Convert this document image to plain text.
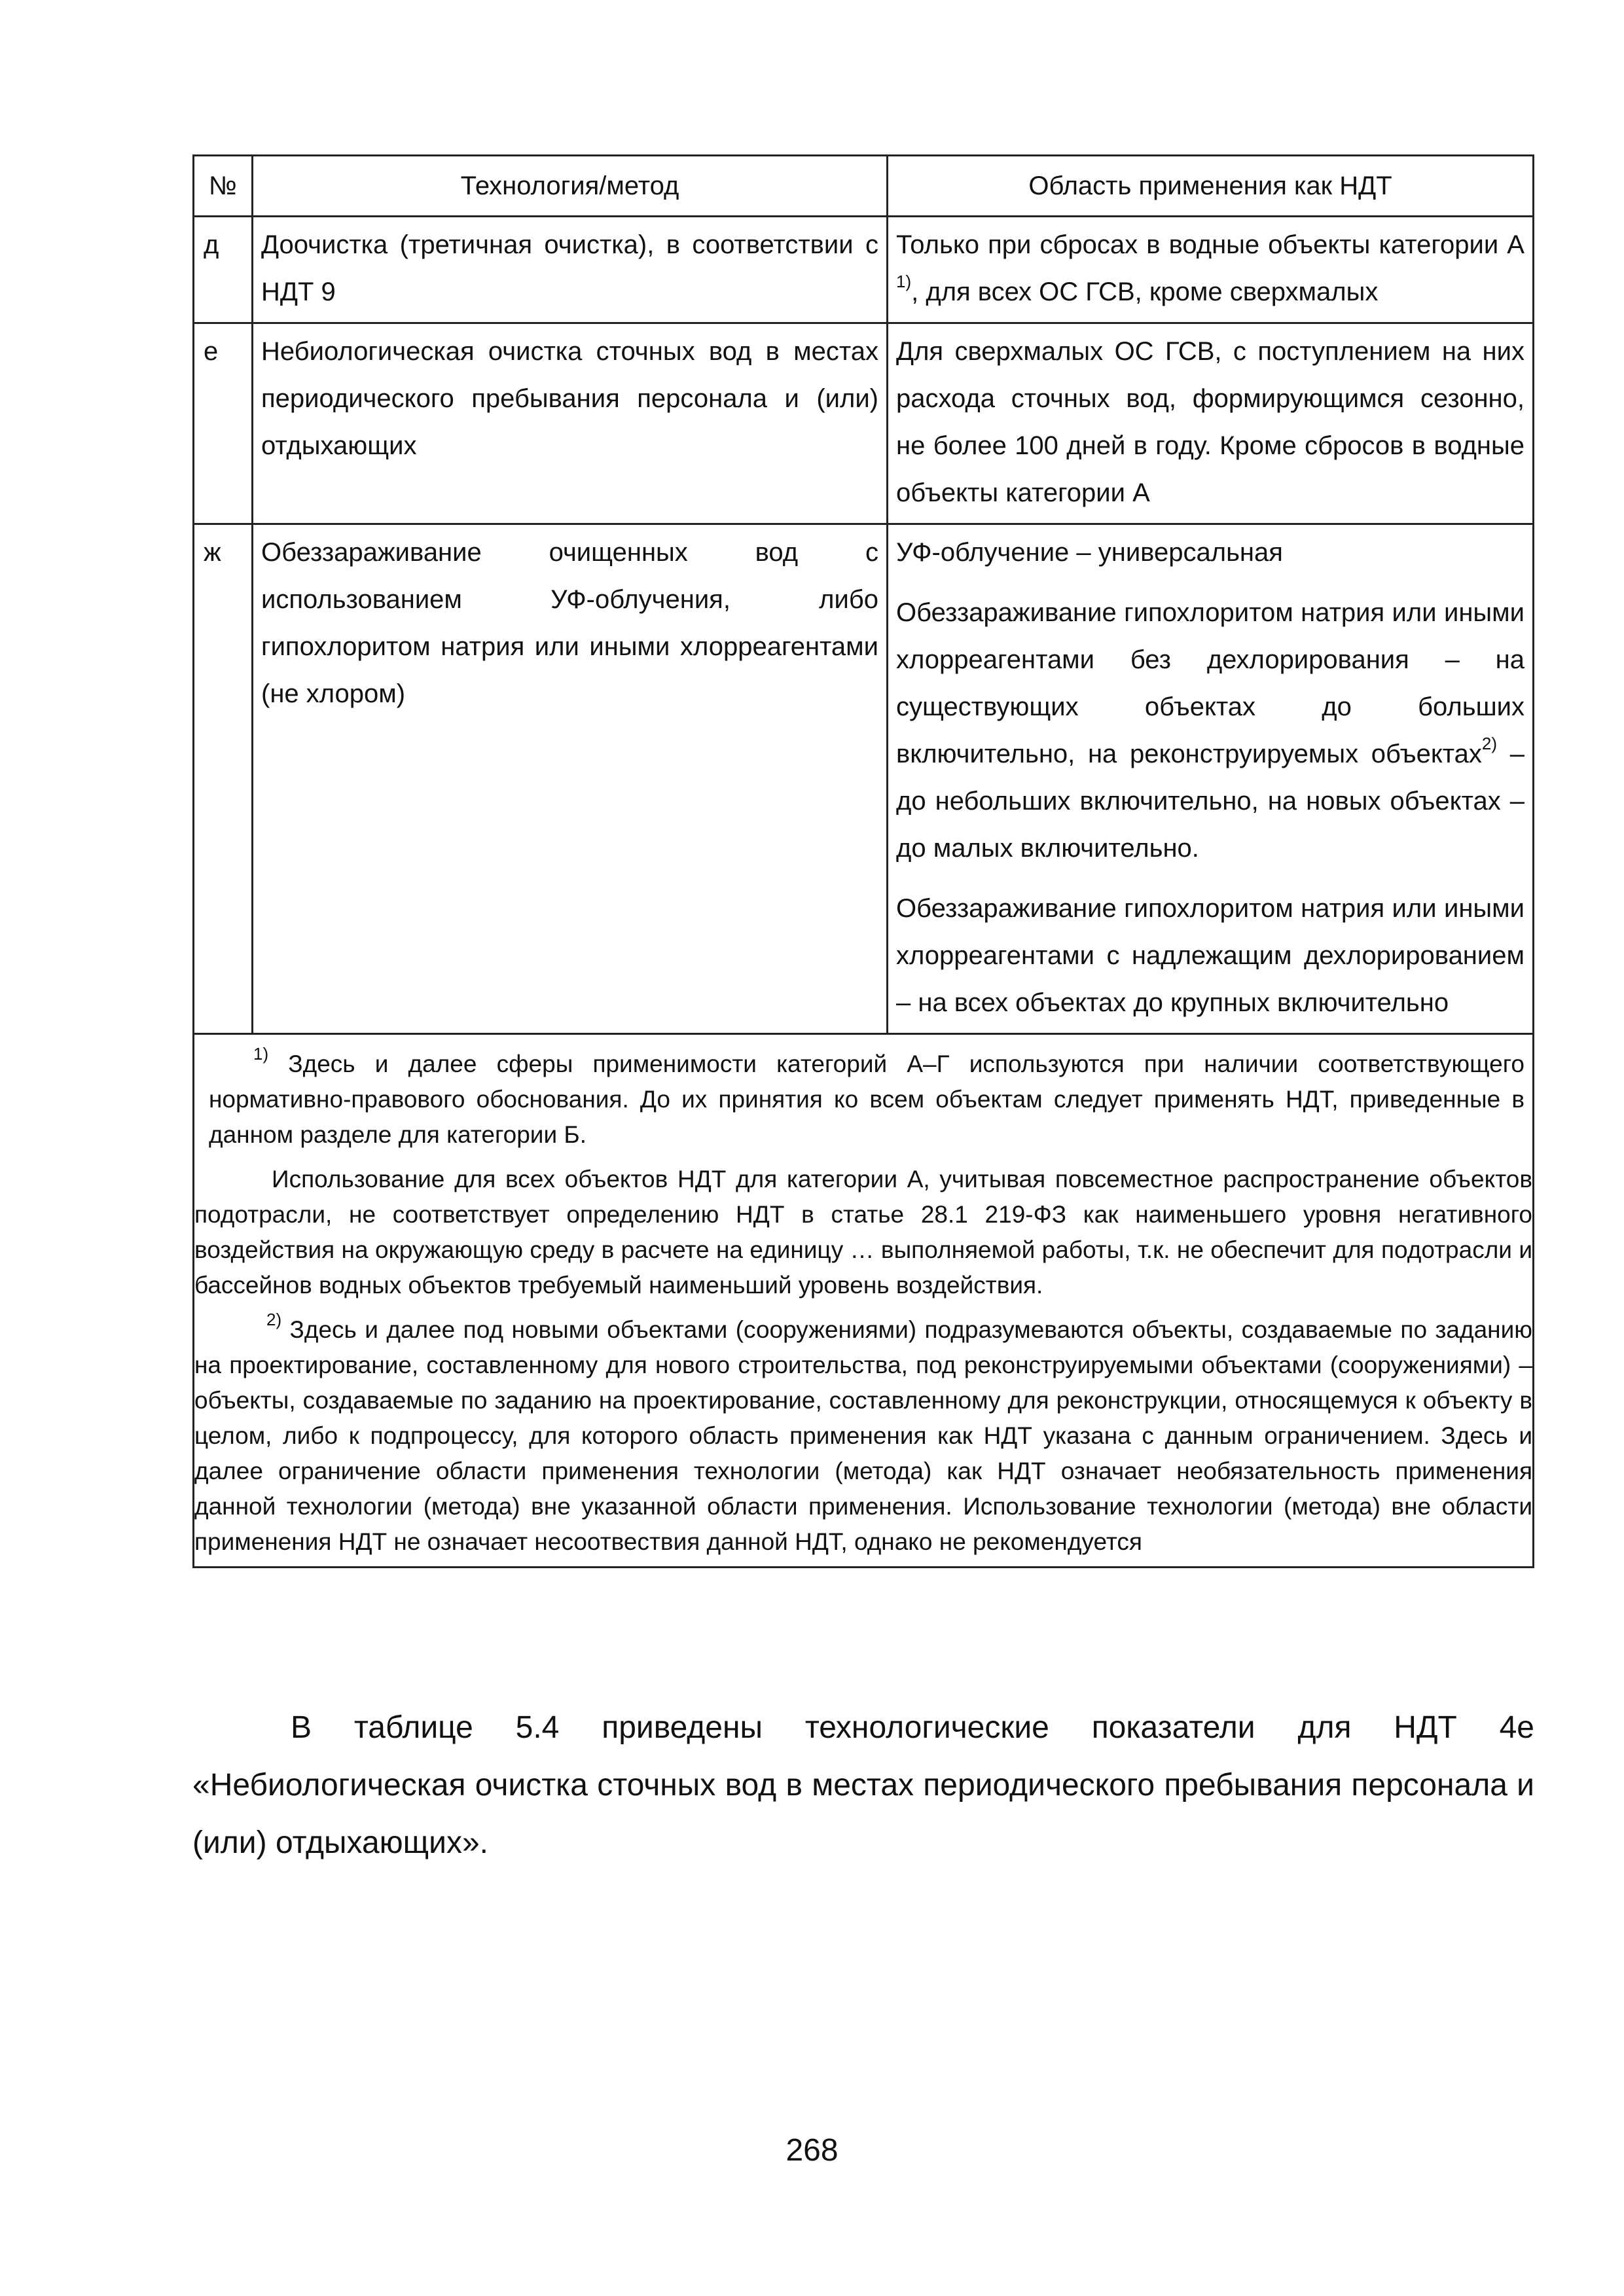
№	Технология/метод	Область применения как НДТ
д	Доочистка (третичная очистка), в соответствии с НДТ 9	Только при сбросах в водные объекты категории А $^{1)}$, для всех ОС ГСВ, кроме сверхмалых

е	Небиологическая очистка сточных вод в местах периодического пребывания персонала и (или) отдыхающих	Для сверхмалых ОС ГСВ, с поступлением на них расхода сточных вод, формирующимся сезонно, не более 100 дней в году. Кроме сбросов в водные объекты категории А

ж	Обеззараживание очищенных вод с использованием УФ-облучения, либо гипохлоритом натрия или иными хлорреагентами (не хлором)	УФ-облучение – универсальная

Обеззараживание гипохлоритом натрия или иными хлорреагентами без дехлорирования – на существующих объектах до больших включительно, на реконструируемых объектах$^{2)}$ – до небольших включительно, на новых объектах – до малых включительно.

Обеззараживание гипохлоритом натрия или иными хлорреагентами с надлежащим дехлорированием – на всех объектах до крупных включительно

$^{1)}$ Здесь и далее сферы применимости категорий А–Г используются при наличии соответствующего нормативно-правового обоснования. До их принятия ко всем объектам следует применять НДТ, приведенные в данном разделе для категории Б.

Использование для всех объектов НДТ для категории А, учитывая повсеместное распространение объектов подотрасли, не соответствует определению НДТ в статье 28.1 219-ФЗ как наименьшего уровня негативного воздействия на окружающую среду в расчете на единицу … выполняемой работы, т.к. не обеспечит для подотрасли и бассейнов водных объектов требуемый наименьший уровень воздействия.

$^{2)}$ Здесь и далее под новыми объектами (сооружениями) подразумеваются объекты, создаваемые по заданию на проектирование, составленному для нового строительства, под реконструируемыми объектами (сооружениями) – объекты, создаваемые по заданию на проектирование, составленному для реконструкции, относящемуся к объекту в целом, либо к подпроцессу, для которого область применения как НДТ указана с данным ограничением. Здесь и далее ограничение области применения технологии (метода) как НДТ означает необязательность применения данной технологии (метода) вне указанной области применения. Использование технологии (метода) вне области применения НДТ не означает несоотвествия данной НДТ, однако не рекомендуется		

В таблице 5.4 приведены технологические показатели для НДТ 4е «Небиологическая очистка сточных вод в местах периодического пребывания персонала и (или) отдыхающих».

268
